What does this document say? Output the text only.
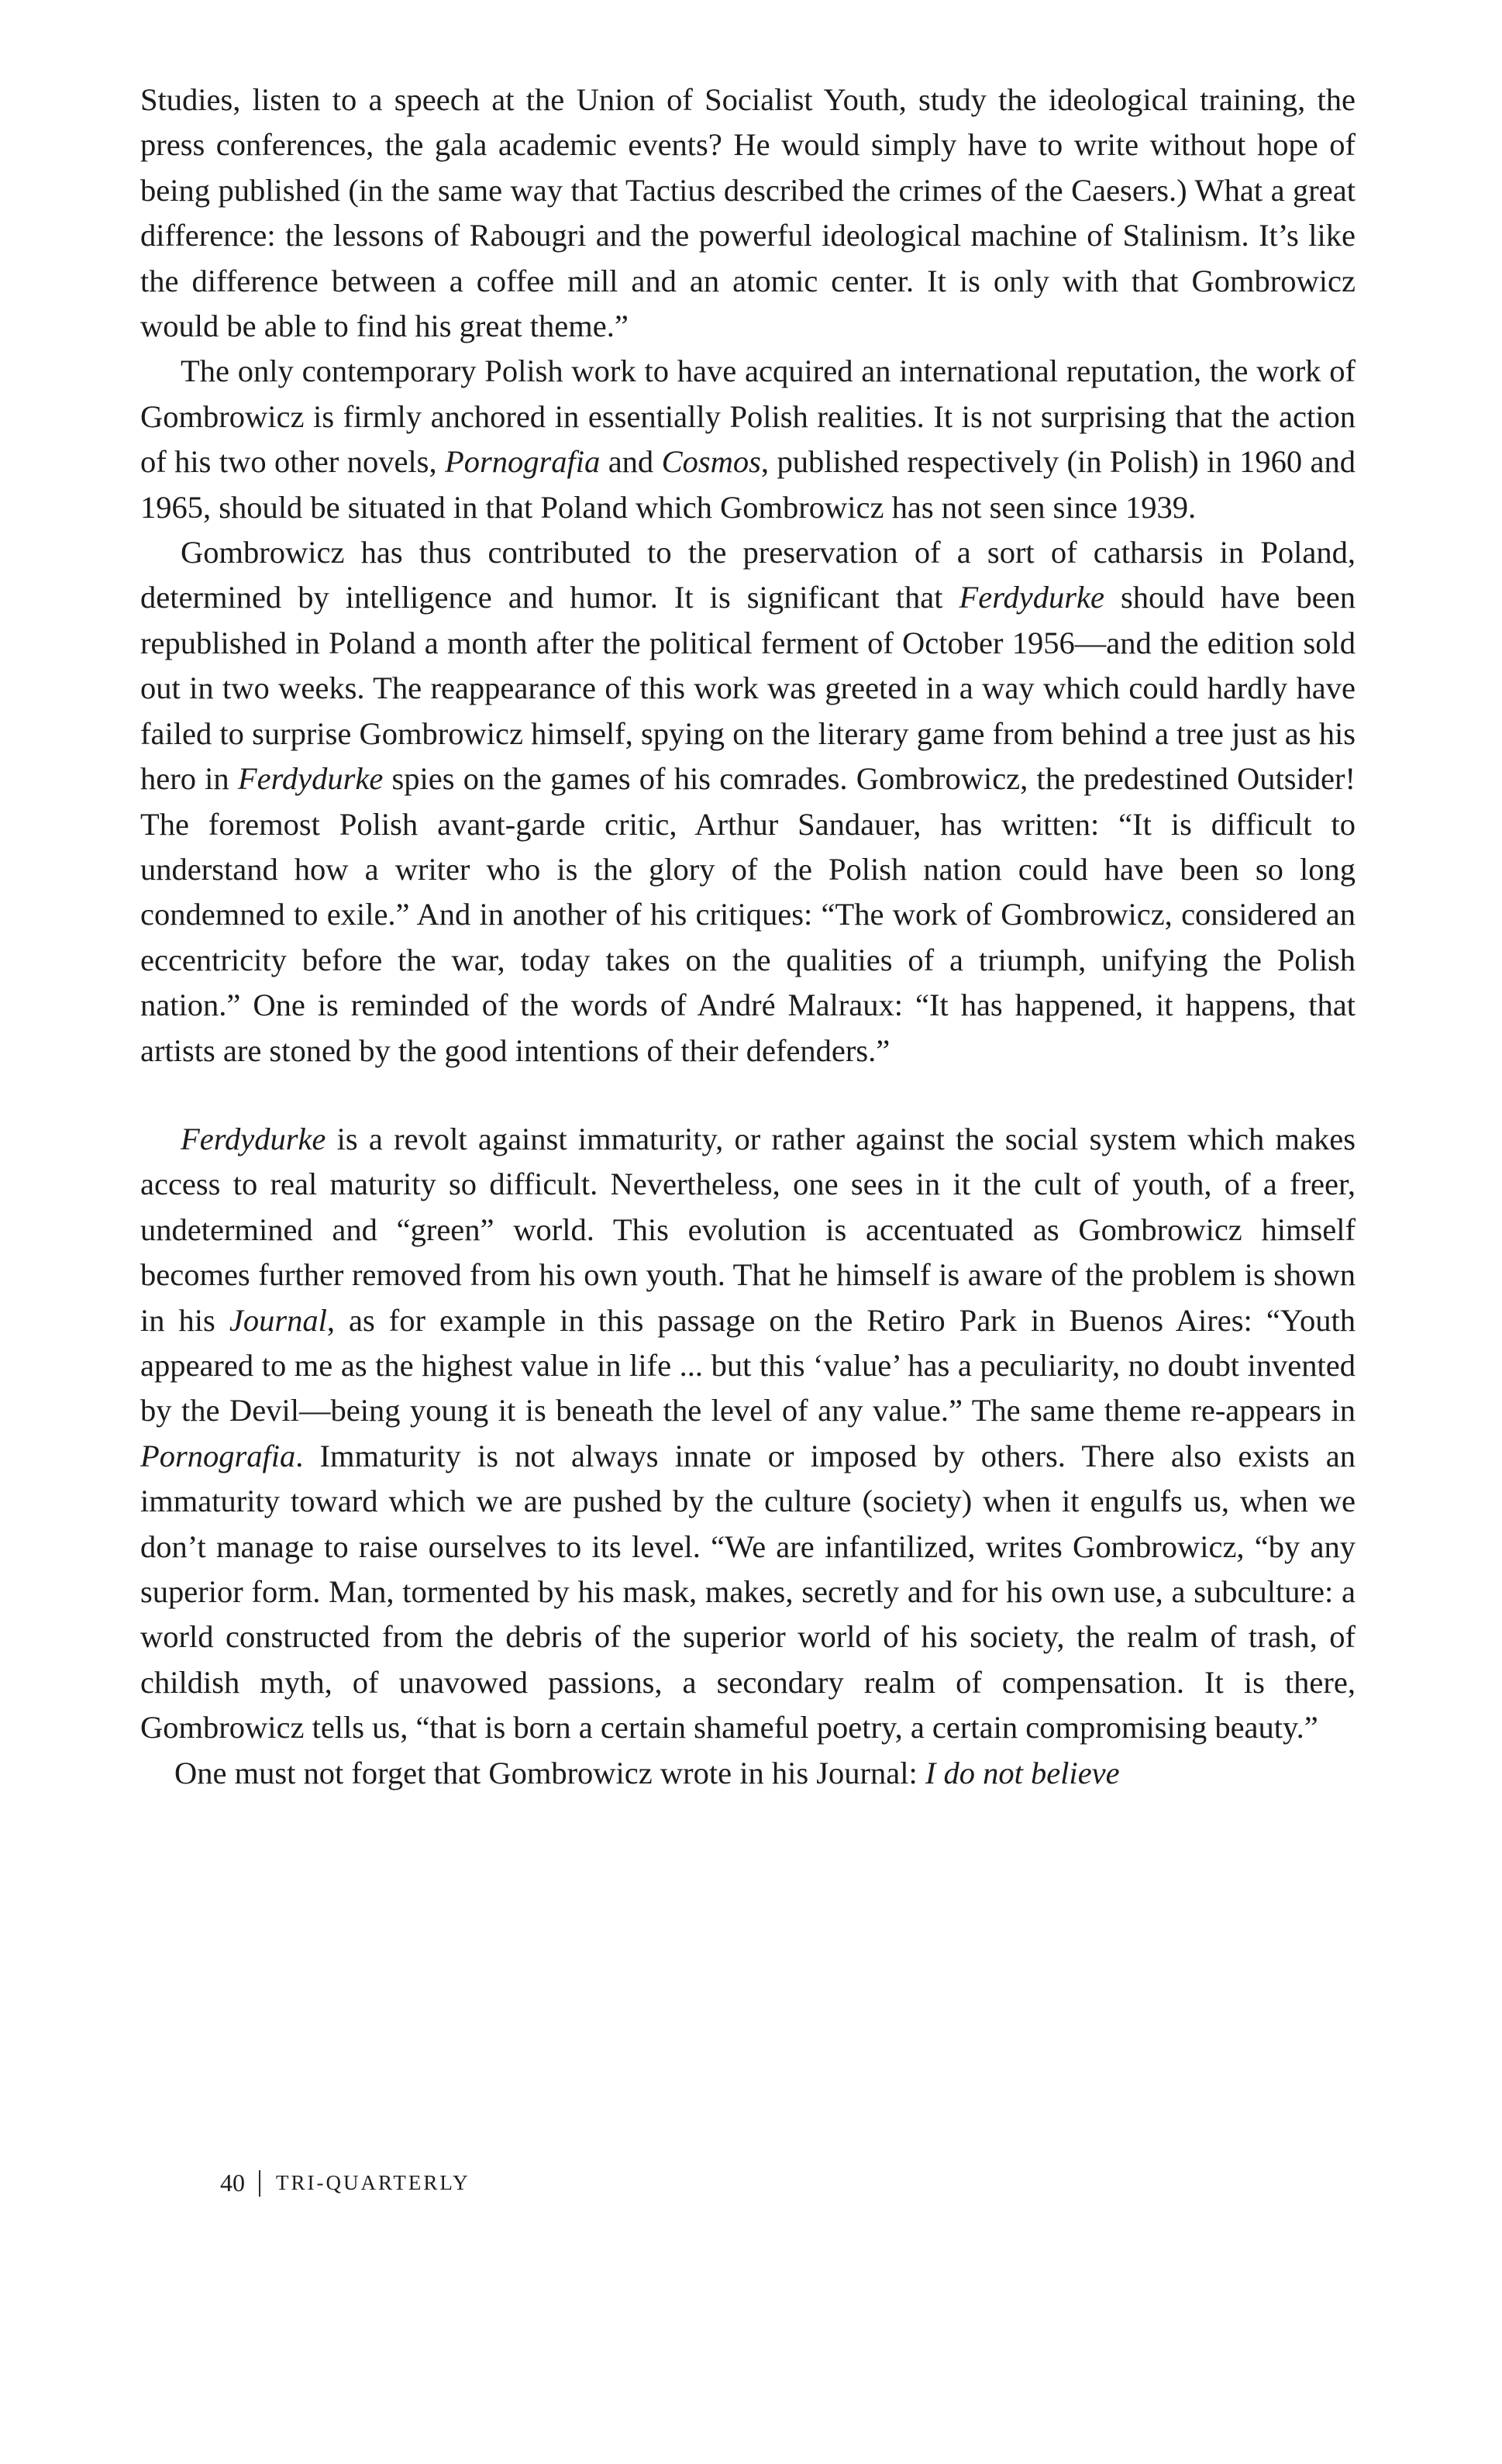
Studies, listen to a speech at the Union of Socialist Youth, study the ideological training, the press conferences, the gala academic events? He would simply have to write without hope of being published (in the same way that Tactius described the crimes of the Caesers.) What a great difference: the lessons of Rabougri and the powerful ideological machine of Stalinism. It’s like the difference between a coffee mill and an atomic center. It is only with that Gombrowicz would be able to find his great theme.”

The only contemporary Polish work to have acquired an international reputation, the work of Gombrowicz is firmly anchored in essentially Polish realities. It is not surprising that the action of his two other novels, Pornografia and Cosmos, published respectively (in Polish) in 1960 and 1965, should be situated in that Poland which Gombrowicz has not seen since 1939.

Gombrowicz has thus contributed to the preservation of a sort of catharsis in Poland, determined by intelligence and humor. It is significant that Ferdydurke should have been republished in Poland a month after the political ferment of October 1956—and the edition sold out in two weeks. The reappearance of this work was greeted in a way which could hardly have failed to surprise Gombrowicz himself, spying on the literary game from behind a tree just as his hero in Ferdydurke spies on the games of his comrades. Gombrowicz, the predestined Outsider! The foremost Polish avant-garde critic, Arthur Sandauer, has written: “It is difficult to understand how a writer who is the glory of the Polish nation could have been so long condemned to exile.” And in another of his critiques: “The work of Gombrowicz, considered an eccentricity before the war, today takes on the qualities of a triumph, unifying the Polish nation.” One is reminded of the words of André Malraux: “It has happened, it happens, that artists are stoned by the good intentions of their defenders.”

Ferdydurke is a revolt against immaturity, or rather against the social system which makes access to real maturity so difficult. Nevertheless, one sees in it the cult of youth, of a freer, undetermined and “green” world. This evolution is accentuated as Gombrowicz himself becomes further removed from his own youth. That he himself is aware of the problem is shown in his Journal, as for example in this passage on the Retiro Park in Buenos Aires: “Youth appeared to me as the highest value in life ... but this ‘value’ has a peculiarity, no doubt invented by the Devil—being young it is beneath the level of any value.” The same theme re-appears in Pornografia. Immaturity is not always innate or imposed by others. There also exists an immaturity toward which we are pushed by the culture (society) when it engulfs us, when we don’t manage to raise ourselves to its level. “We are infantilized, writes Gombrowicz, “by any superior form. Man, tormented by his mask, makes, secretly and for his own use, a subculture: a world constructed from the debris of the superior world of his society, the realm of trash, of childish myth, of unavowed passions, a secondary realm of compensation. It is there, Gombrowicz tells us, “that is born a certain shameful poetry, a certain compromising beauty.”

One must not forget that Gombrowicz wrote in his Journal: I do not believe

40 TRI-QUARTERLY
